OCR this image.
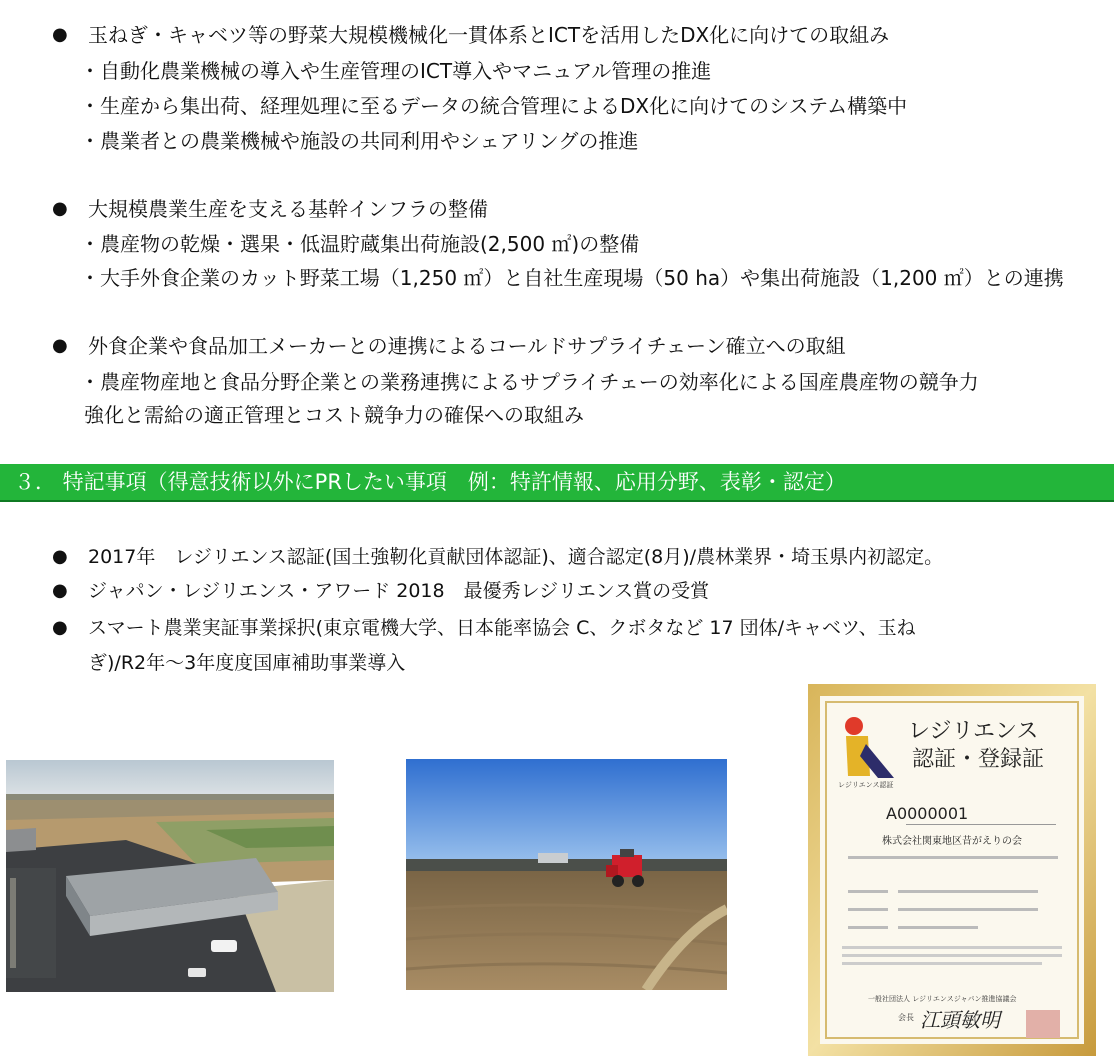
● 玉ねぎ・キャベツ等の野菜大規模機械化一貫体系とICTを活用したDX化に向けての取組み
・自動化農業機械の導入や生産管理のICT導入やマニュアル管理の推進
・生産から集出荷、経理処理に至るデータの統合管理によるDX化に向けてのシステム構築中
・農業者との農業機械や施設の共同利用やシェアリングの推進
● 大規模農業生産を支える基幹インフラの整備
・農産物の乾燥・選果・低温貯蔵集出荷施設(2,500 ㎡)の整備
・大手外食企業のカット野菜工場（1,250 ㎡）と自社生産現場（50 ha）や集出荷施設（1,200 ㎡）との連携
● 外食企業や食品加工メーカーとの連携によるコールドサプライチェーン確立への取組
・農産物産地と食品分野企業との業務連携によるサプライチェーの効率化による国産農産物の競争力
強化と需給の適正管理とコスト競争力の確保への取組み
３． 特記事項（得意技術以外にPRしたい事項　例：特許情報、応用分野、表彰・認定）
● 2017年　レジリエンス認証(国土強靭化貢献団体認証)、適合認定(8月)/農林業界・埼玉県内初認定。
● ジャパン・レジリエンス・アワード 2018　最優秀レジリエンス賞の受賞
● スマート農業実証事業採択(東京電機大学、日本能率協会 C、クボタなど 17 団体/キャベツ、玉ね
ぎ)/R2年〜3年度度国庫補助事業導入
レジリエンス
認証・登録証
レジリエンス認証
A0000001
株式会社関東地区昔がえりの会
一般社団法人 レジリエンスジャパン推進協議会
会長 江頭敏明
